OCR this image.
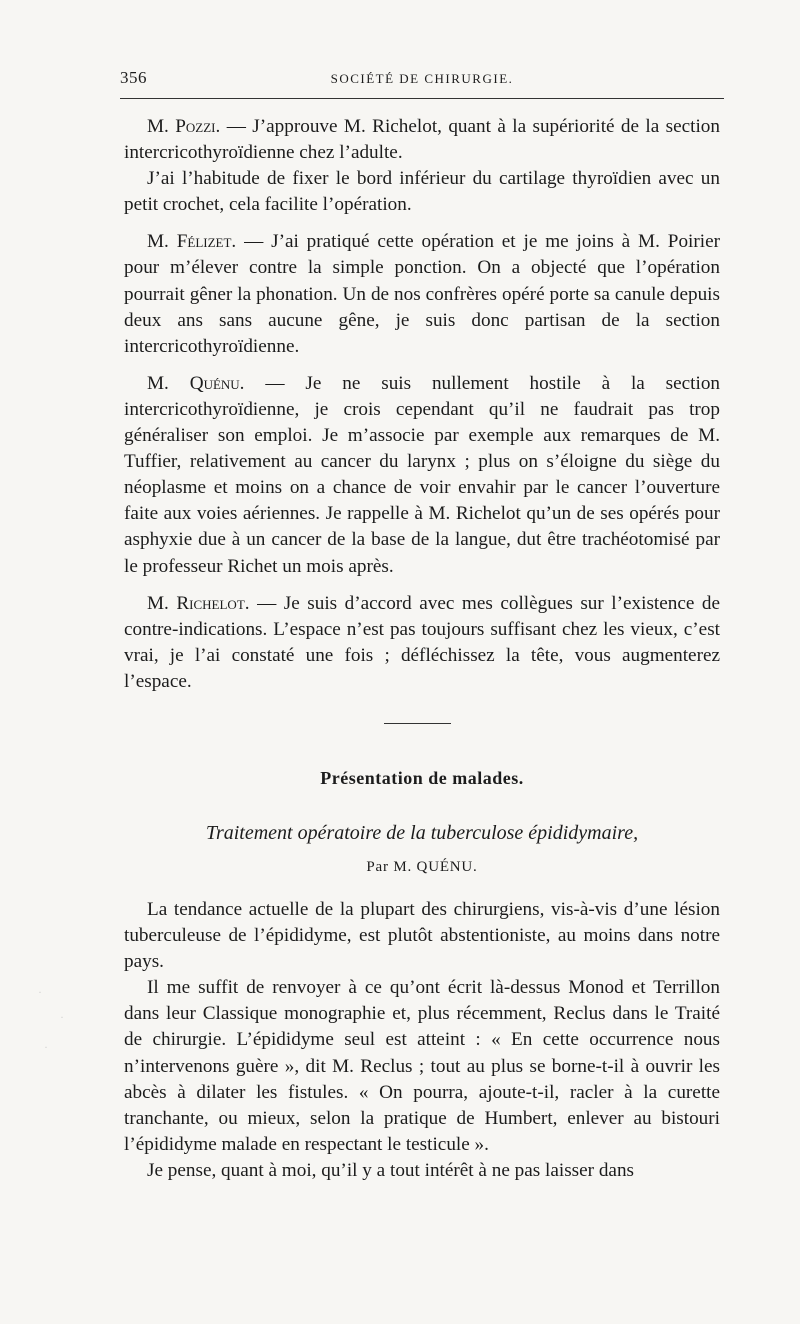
356	SOCIÉTÉ DE CHIRURGIE.

M. Pozzi. — J’approuve M. Richelot, quant à la supériorité de la section intercricothyroïdienne chez l’adulte.

J’ai l’habitude de fixer le bord inférieur du cartilage thyroïdien avec un petit crochet, cela facilite l’opération.

M. Félizet. — J’ai pratiqué cette opération et je me joins à M. Poirier pour m’élever contre la simple ponction. On a objecté que l’opération pourrait gêner la phonation. Un de nos confrères opéré porte sa canule depuis deux ans sans aucune gêne, je suis donc partisan de la section intercricothyroïdienne.

M. Quénu. — Je ne suis nullement hostile à la section intercricothyroïdienne, je crois cependant qu’il ne faudrait pas trop généraliser son emploi. Je m’associe par exemple aux remarques de M. Tuffier, relativement au cancer du larynx ; plus on s’éloigne du siège du néoplasme et moins on a chance de voir envahir par le cancer l’ouverture faite aux voies aériennes. Je rappelle à M. Richelot qu’un de ses opérés pour asphyxie due à un cancer de la base de la langue, dut être trachéotomisé par le professeur Richet un mois après.

M. Richelot. — Je suis d’accord avec mes collègues sur l’existence de contre-indications. L’espace n’est pas toujours suffisant chez les vieux, c’est vrai, je l’ai constaté une fois ; défléchissez la tête, vous augmenterez l’espace.

Présentation de malades.
Traitement opératoire de la tuberculose épididymaire,
Par M. QUÉNU.

La tendance actuelle de la plupart des chirurgiens, vis-à-vis d’une lésion tuberculeuse de l’épididyme, est plutôt abstentioniste, au moins dans notre pays.

Il me suffit de renvoyer à ce qu’ont écrit là-dessus Monod et Terrillon dans leur Classique monographie et, plus récemment, Reclus dans le Traité de chirurgie. L’épididyme seul est atteint : « En cette occurrence nous n’intervenons guère », dit M. Reclus ; tout au plus se borne-t-il à ouvrir les abcès à dilater les fistules. « On pourra, ajoute-t-il, racler à la curette tranchante, ou mieux, selon la pratique de Humbert, enlever au bistouri l’épididyme malade en respectant le testicule ».

Je pense, quant à moi, qu’il y a tout intérêt à ne pas laisser dans

·
·
·
